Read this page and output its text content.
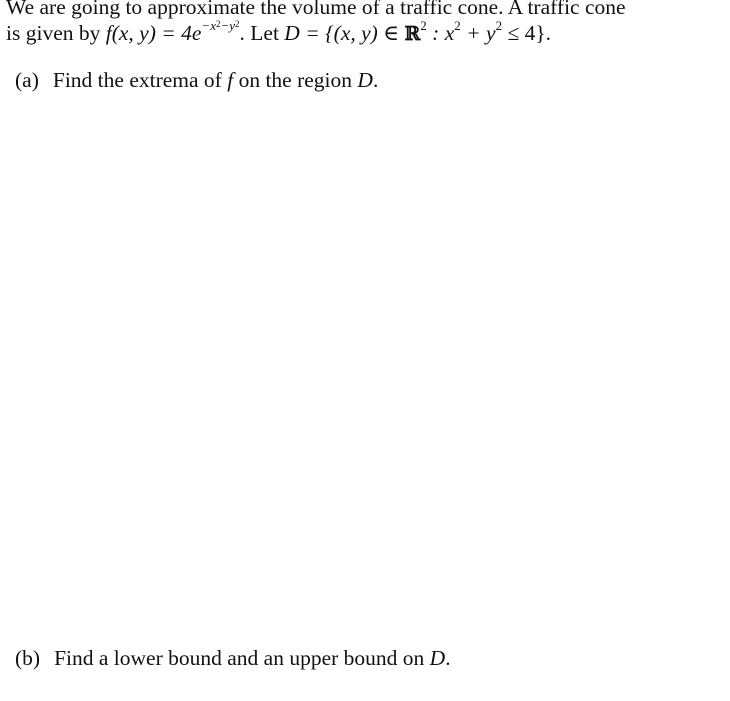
We are going to approximate the volume of a traffic cone. A traffic cone
is given by f(x, $y) = 4e^{-x^2-y^2}$. Let D = {(x, y) ∈ ℝ$^2$ : $x^2 + y^2 \le 4$}.
(a) Find the extrema of f on the region D.
(b) Find a lower bound and an upper bound on D.
